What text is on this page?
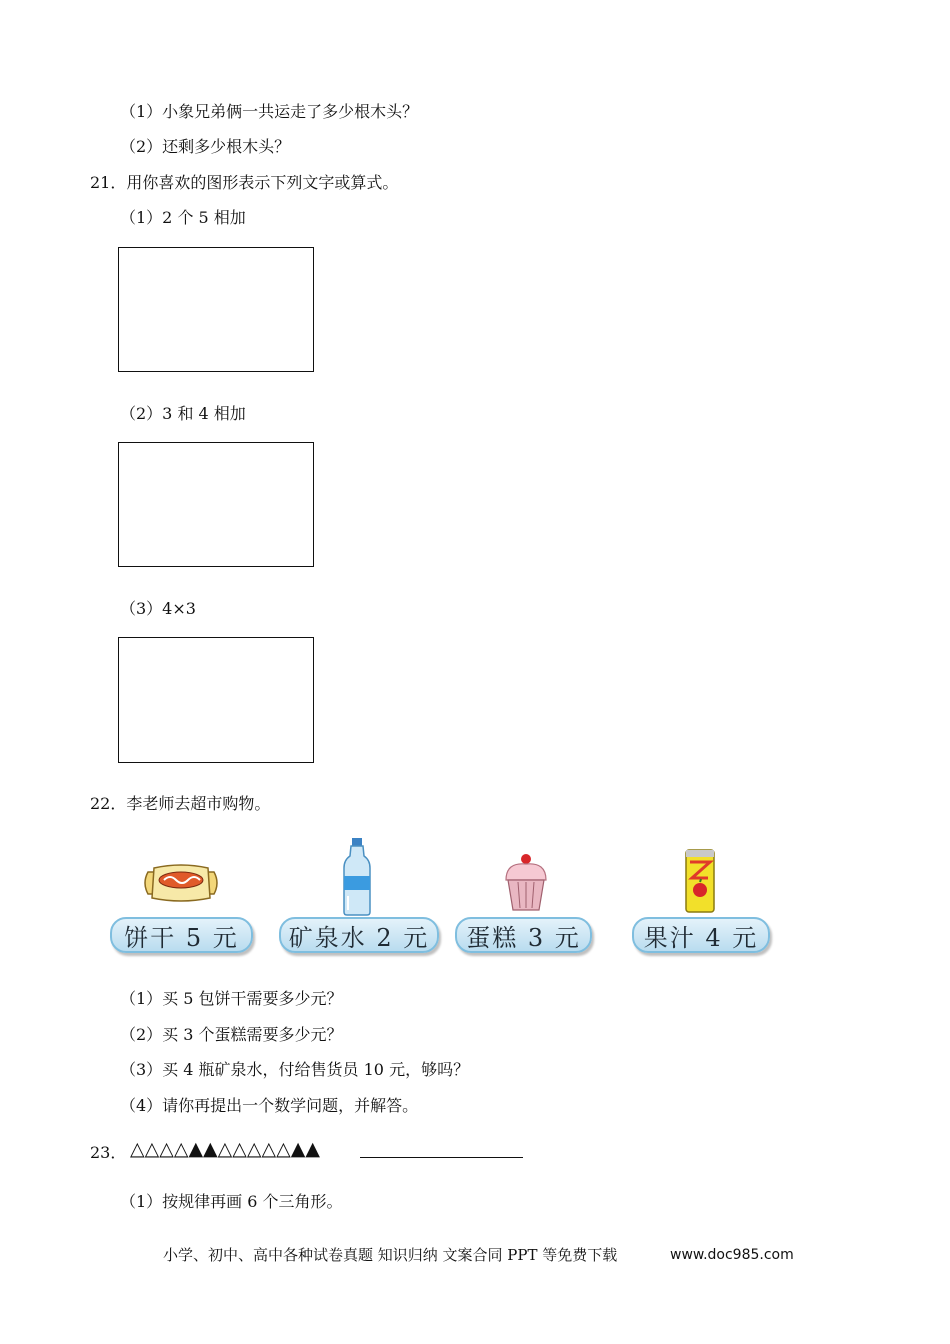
（1）小象兄弟俩一共运走了多少根木头？
（2）还剩多少根木头？
21．用你喜欢的图形表示下列文字或算式。
（1）2 个 5 相加
（2）3 和 4 相加
（3）4×3
22．李老师去超市购物。
饼干 5 元	矿泉水 2 元	蛋糕 3 元	果汁 4 元
（1）买 5 包饼干需要多少元？
（2）买 3 个蛋糕需要多少元？
（3）买 4 瓶矿泉水，付给售货员 10 元，够吗？
（4）请你再提出一个数学问题，并解答。
23． △△△△▲▲△△△△△▲▲
（1）按规律再画 6 个三角形。
小学、初中、高中各种试卷真题 知识归纳 文案合同 PPT 等免费下载	www.doc985.com
